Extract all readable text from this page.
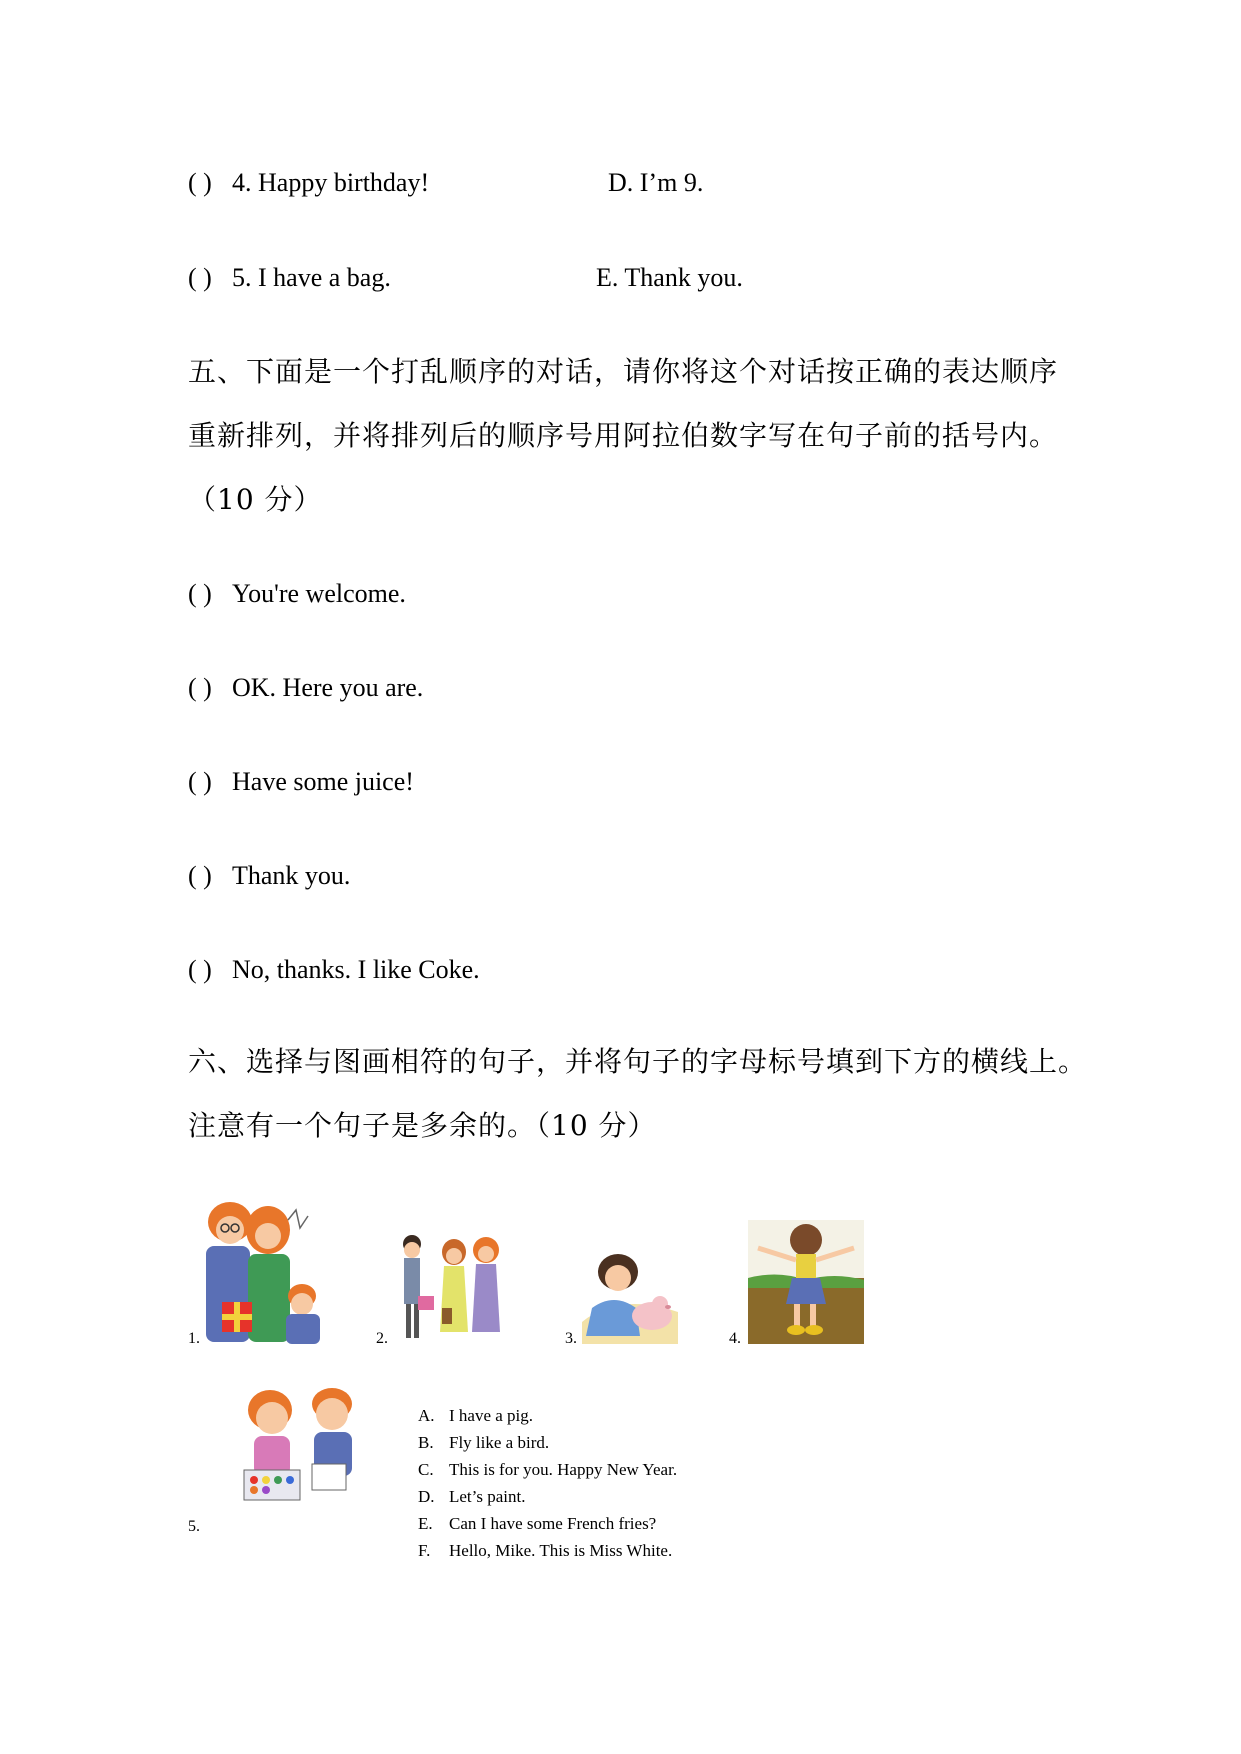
( ) 4. Happy birthday!	D. I’m 9.
( ) 5. I have a bag.	E. Thank you.
五、下面是一个打乱顺序的对话，请你将这个对话按正确的表达顺序
重新排列，并将排列后的顺序号用阿拉伯数字写在句子前的括号内。
（10 分）
( ) You're welcome.
( ) OK. Here you are.
( ) Have some juice!
( ) Thank you.
( ) No, thanks. I like Coke.
六、选择与图画相符的句子，并将句子的字母标号填到下方的横线上。
注意有一个句子是多余的。（10 分）
1.	2.	3.	4.
5.
A. I have a pig.
B. Fly like a bird.
C. This is for you. Happy New Year.
D. Let’s paint.
E. Can I have some French fries?
F. Hello, Mike. This is Miss White.
